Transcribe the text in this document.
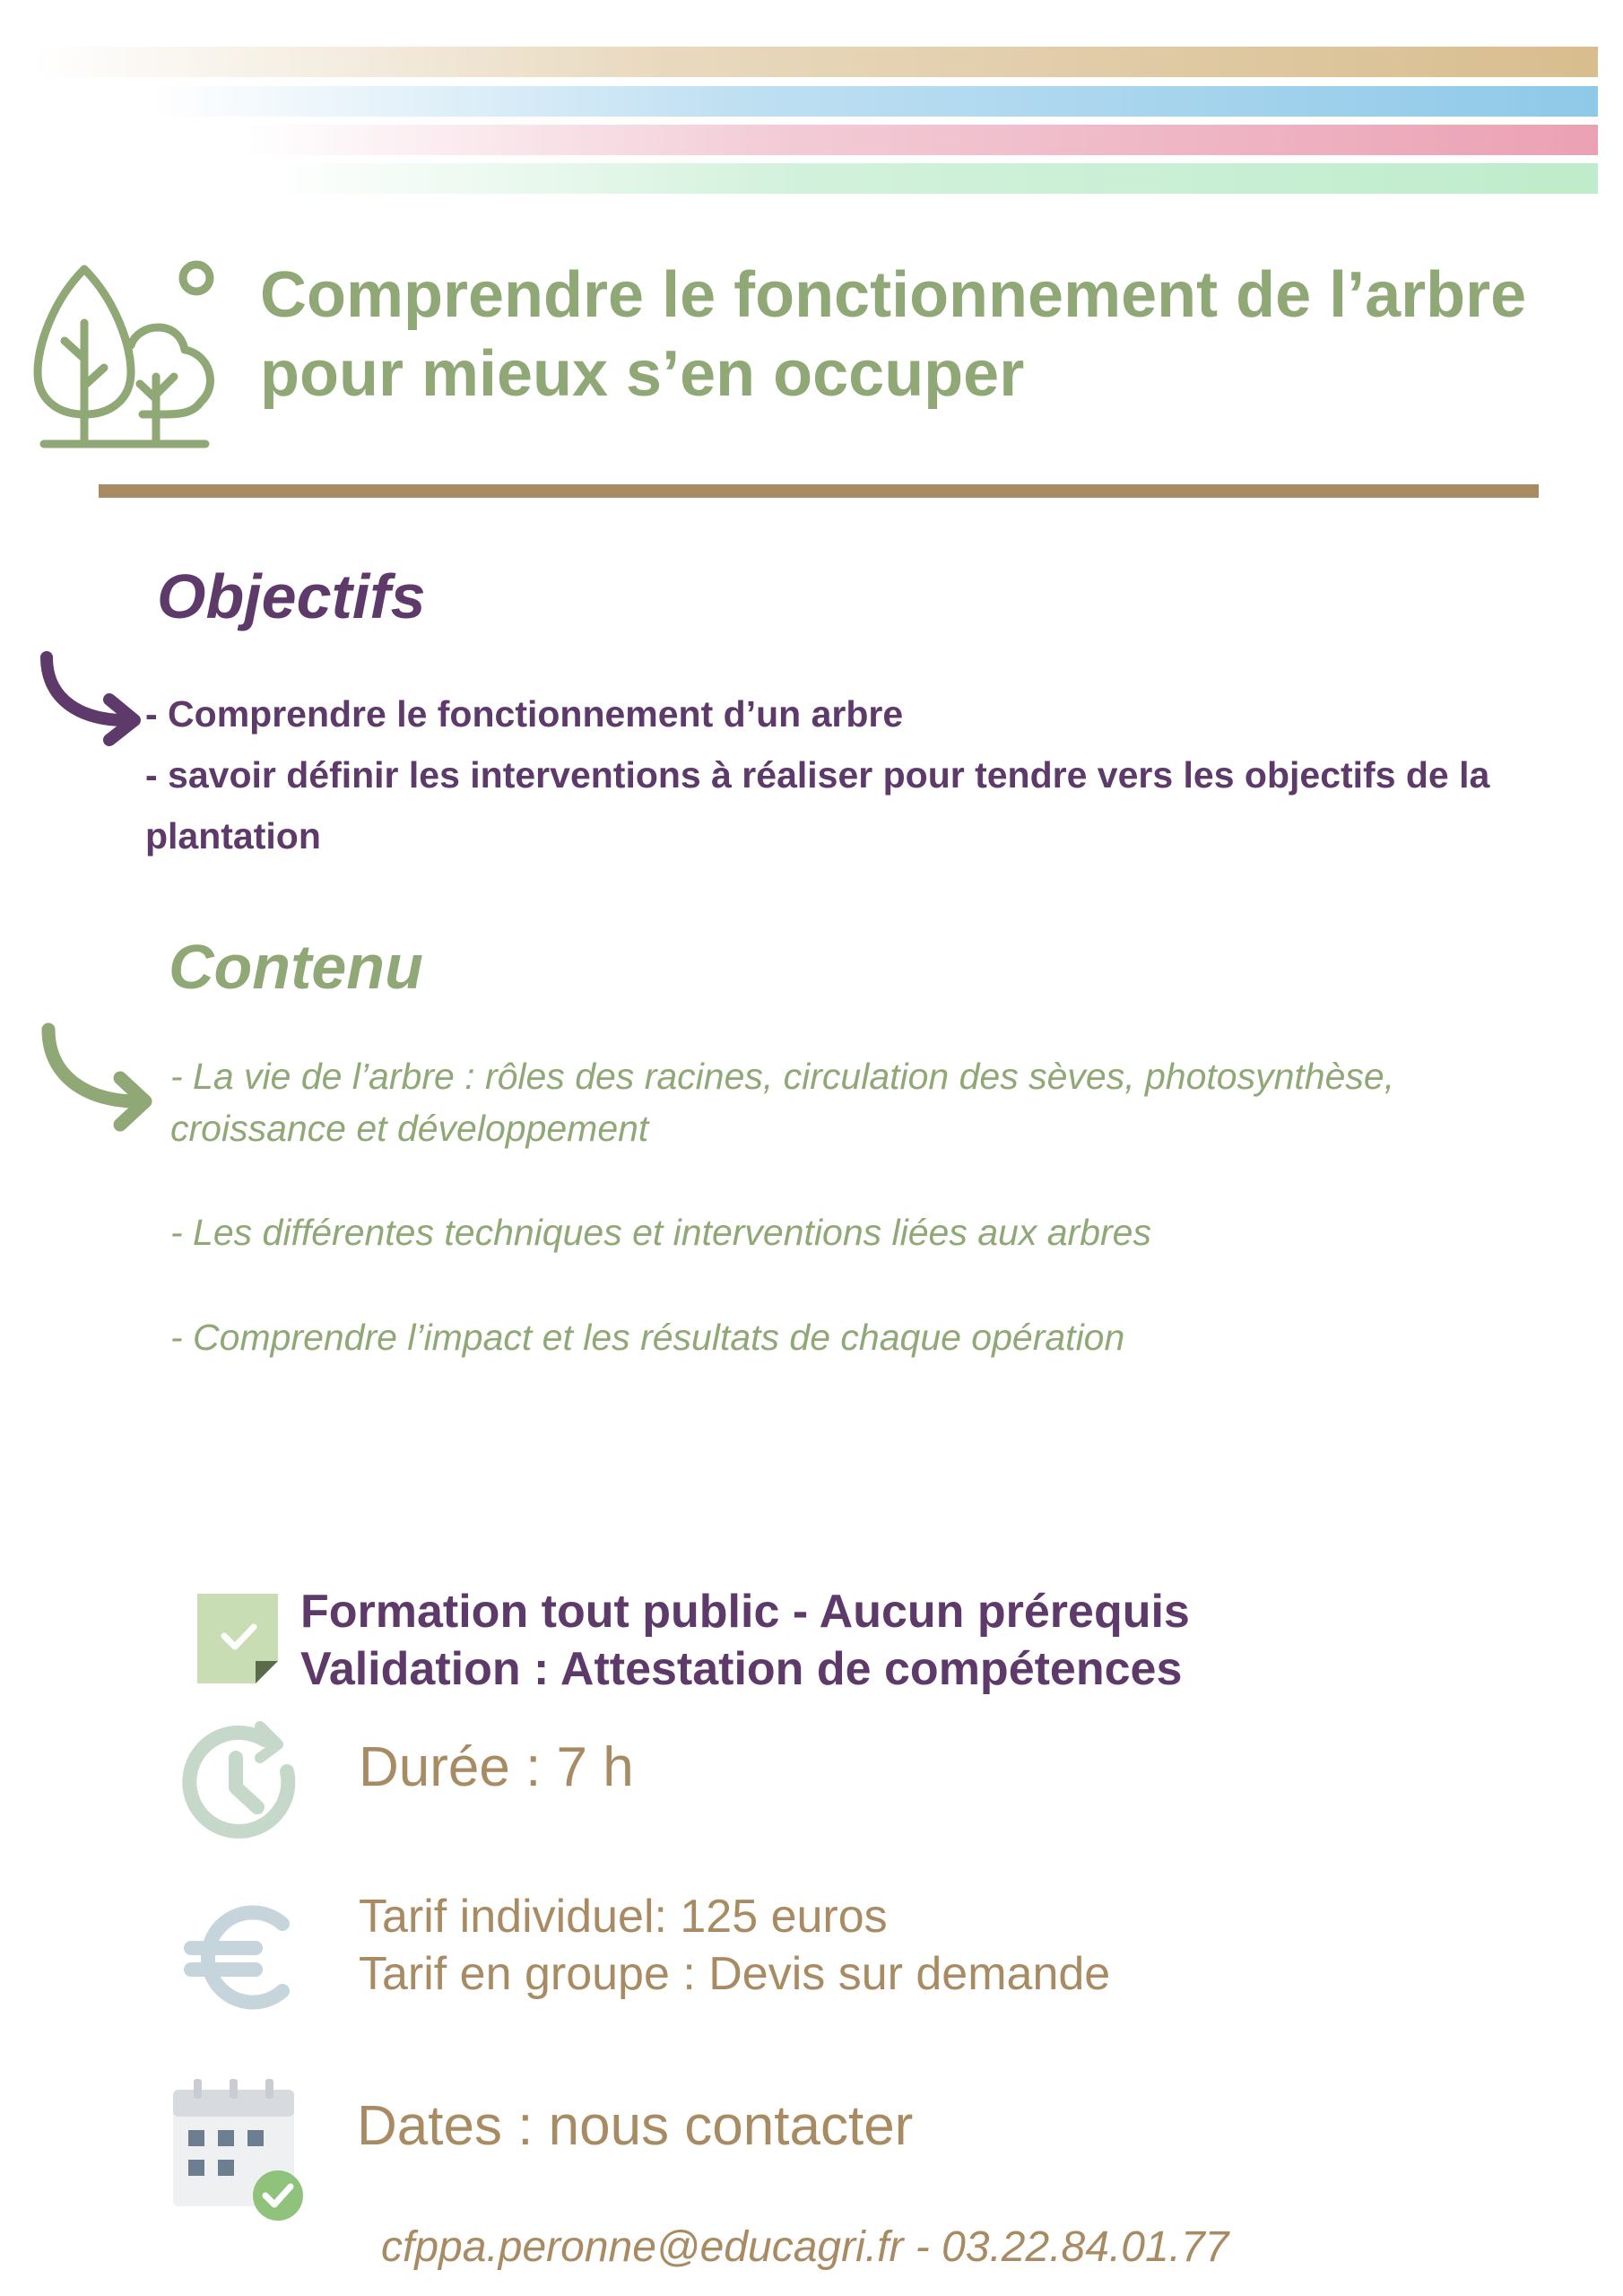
Comprendre le fonctionnement de l’arbre
pour mieux s’en occuper
Objectifs
- Comprendre le fonctionnement d’un arbre
- savoir définir les interventions à réaliser pour tendre vers les objectifs de la plantation
Contenu

- La vie de l’arbre : rôles des racines, circulation des sèves, photosynthèse, croissance et développement

- Les différentes techniques et interventions liées aux arbres

- Comprendre l’impact et les résultats de chaque opération

Formation tout public - Aucun prérequis
Validation : Attestation de compétences

Durée : 7 h

Tarif individuel: 125 euros
Tarif en groupe : Devis sur demande

Dates : nous contacter

cfppa.peronne@educagri.fr - 03.22.84.01.77
